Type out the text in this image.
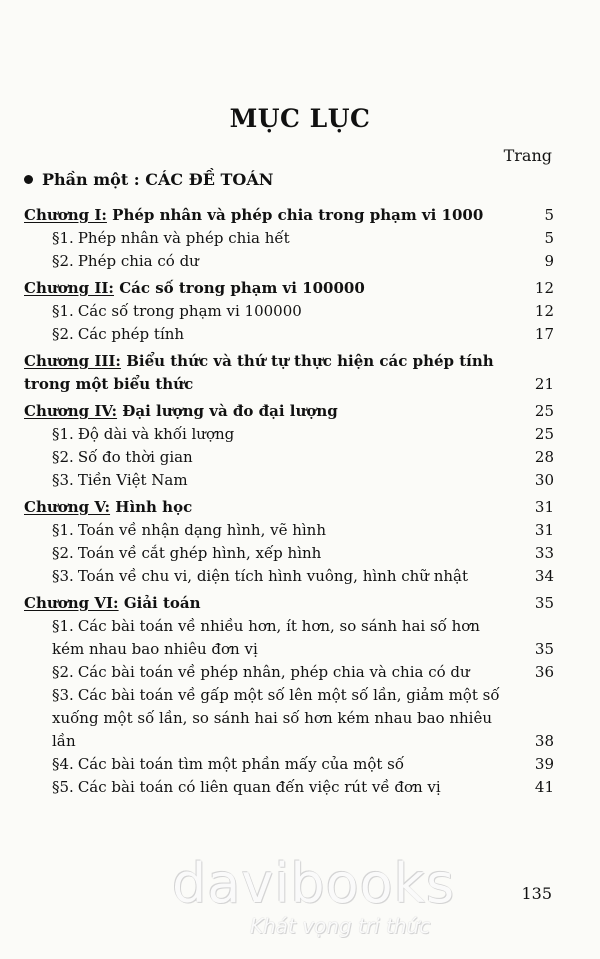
MỤC LỤC
Trang
Phần một : CÁC ĐỀ TOÁN
Chương I: Phép nhân và phép chia trong phạm vi 1000	5
§1. Phép nhân và phép chia hết	5
§2. Phép chia có dư	9
Chương II: Các số trong phạm vi 100000	12
§1. Các số trong phạm vi 100000	12
§2. Các phép tính	17
Chương III: Biểu thức và thứ tự thực hiện các phép tính trong một biểu thức	21
Chương IV: Đại lượng và đo đại lượng	25
§1. Độ dài và khối lượng	25
§2. Số đo thời gian	28
§3. Tiền Việt Nam	30
Chương V: Hình học	31
§1. Toán về nhận dạng hình, vẽ hình	31
§2. Toán về cắt ghép hình, xếp hình	33
§3. Toán về chu vi, diện tích hình vuông, hình chữ nhật	34
Chương VI: Giải toán	35
§1. Các bài toán về nhiều hơn, ít hơn, so sánh hai số hơn kém nhau bao nhiêu đơn vị	35
§2. Các bài toán về phép nhân, phép chia và chia có dư	36
§3. Các bài toán về gấp một số lên một số lần, giảm một số xuống một số lần, so sánh hai số hơn kém nhau bao nhiêu lần	38
§4. Các bài toán tìm một phần mấy của một số	39
§5. Các bài toán có liên quan đến việc rút về đơn vị	41
135
davibooks
Khát vọng tri thức
